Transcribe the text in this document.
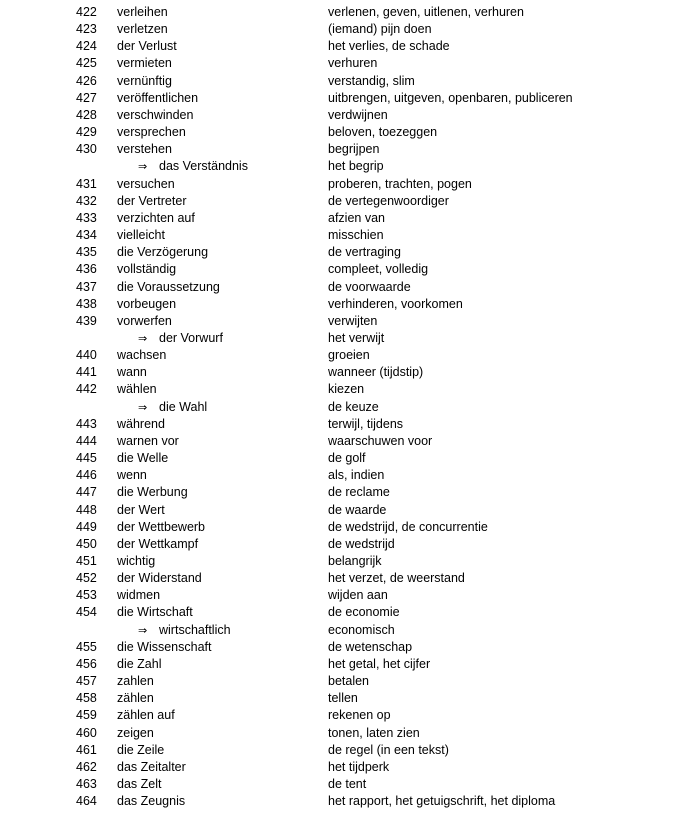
422 verleihen	verlenen, geven, uitlenen, verhuren
423 verletzen	(iemand) pijn doen
424 der Verlust	het verlies, de schade
425 vermieten	verhuren
426 vernünftig	verstandig, slim
427 veröffentlichen	uitbrengen, uitgeven, openbaren, publiceren
428 verschwinden	verdwijnen
429 versprechen	beloven, toezeggen
430 verstehen	begrijpen
⇒ das Verständnis	het begrip
431 versuchen	proberen, trachten, pogen
432 der Vertreter	de vertegenwoordiger
433 verzichten auf	afzien van
434 vielleicht	misschien
435 die Verzögerung	de vertraging
436 vollständig	compleet, volledig
437 die Voraussetzung	de voorwaarde
438 vorbeugen	verhinderen, voorkomen
439 vorwerfen	verwijten
⇒ der Vorwurf	het verwijt
440 wachsen	groeien
441 wann	wanneer (tijdstip)
442 wählen	kiezen
⇒ die Wahl	de keuze
443 während	terwijl, tijdens
444 warnen vor	waarschuwen voor
445 die Welle	de golf
446 wenn	als, indien
447 die Werbung	de reclame
448 der Wert	de waarde
449 der Wettbewerb	de wedstrijd, de concurrentie
450 der Wettkampf	de wedstrijd
451 wichtig	belangrijk
452 der Widerstand	het verzet, de weerstand
453 widmen	wijden aan
454 die Wirtschaft	de economie
⇒ wirtschaftlich	economisch
455 die Wissenschaft	de wetenschap
456 die Zahl	het getal, het cijfer
457 zahlen	betalen
458 zählen	tellen
459 zählen auf	rekenen op
460 zeigen	tonen, laten zien
461 die Zeile	de regel (in een tekst)
462 das Zeitalter	het tijdperk
463 das Zelt	de tent
464 das Zeugnis	het rapport, het getuigschrift, het diploma
